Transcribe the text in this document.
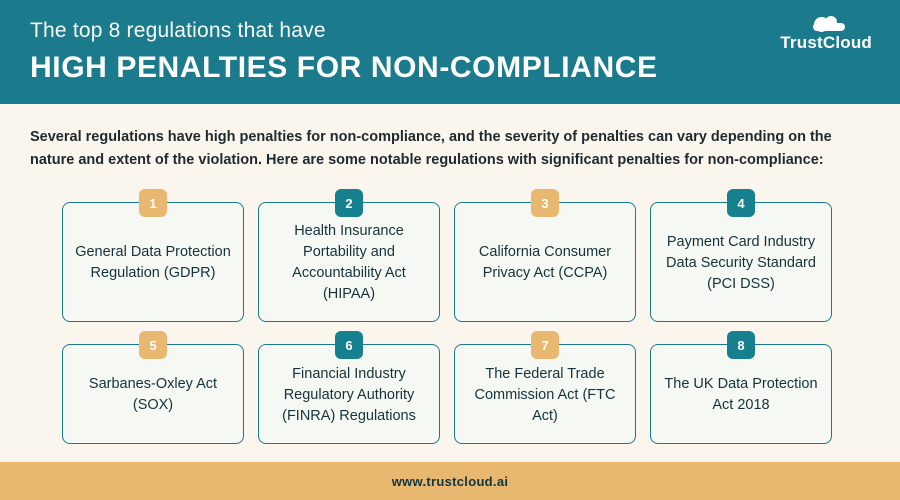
The top 8 regulations that have
HIGH PENALTIES FOR NON-COMPLIANCE
TrustCloud
Several regulations have high penalties for non-compliance, and the severity of penalties can vary depending on the nature and extent of the violation. Here are some notable regulations with significant penalties for non-compliance:
1
General Data Protection Regulation (GDPR)
2
Health Insurance Portability and Accountability Act (HIPAA)
3
California Consumer Privacy Act (CCPA)
4
Payment Card Industry Data Security Standard (PCI DSS)
5
Sarbanes-Oxley Act (SOX)
6
Financial Industry Regulatory Authority (FINRA) Regulations
7
The Federal Trade Commission Act (FTC Act)
8
The UK Data Protection Act 2018
www.trustcloud.ai
